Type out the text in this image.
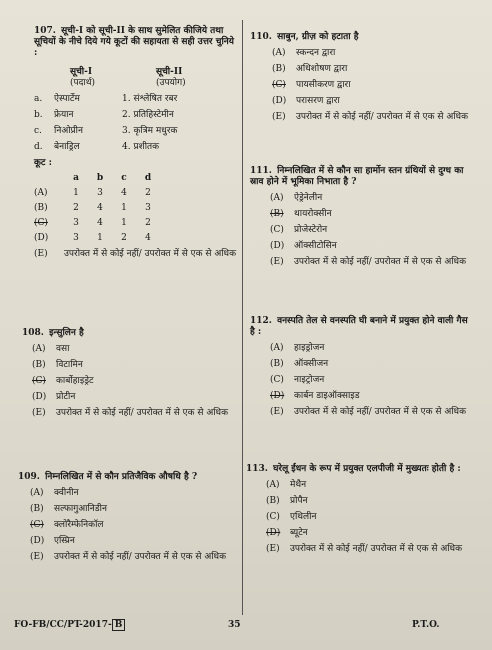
107. सूची-I को सूची-II के साथ सुमेलित कीजिये तथा सूचियों के नीचे दिये गये कूटों की सहायता से सही उत्तर चुनिये :
सूची-I
(पदार्थ)
सूची-II
(उपयोग)
a.	ऐस्पार्टेम	1. संश्लेषित रबर
b.	फ्रेयान	2. प्रतिहिस्टेमीन
c.	निओप्रीन	3. कृत्रिम मधुरक
d.	बेनाड्रिल	4. प्रशीतक
कूट :
a	b	c	d
(A)	1	3	4	2
(B)	2	4	1	3
(C)	3	4	1	2
(D)	3	1	2	4
(E)	उपरोक्त में से कोई नहीं/ उपरोक्त में से एक से अधिक
108. इन्सुलिन है
(A)	वसा
(B)	विटामिन
(C)	कार्बोहाइड्रेट
(D)	प्रोटीन
(E)	उपरोक्त में से कोई नहीं/ उपरोक्त में से एक से अधिक
109. निम्नलिखित में से कौन प्रतिजैविक औषधि है ?
(A)	क्वीनीन
(B)	सल्फागुआनिडीन
(C)	क्लोरैम्फेनिकॉल
(D)	एस्प्रिन
(E)	उपरोक्त में से कोई नहीं/ उपरोक्त में से एक से अधिक
110. साबुन, ग्रीज़ को हटाता है
(A)	स्कन्दन द्वारा
(B)	अधिशोषण द्वारा
(C)	पायसीकरण द्वारा
(D)	परासरण द्वारा
(E)	उपरोक्त में से कोई नहीं/ उपरोक्त में से एक से अधिक
111. निम्नलिखित में से कौन सा हार्मोन स्तन ग्रंथियों से दुग्ध का स्राव होने में भूमिका निभाता है ?
(A)	ऐड्रेनेलीन
(B)	थायरोक्सीन
(C)	प्रोजेस्टेरोन
(D)	ऑक्सीटोसिन
(E)	उपरोक्त में से कोई नहीं/ उपरोक्त में से एक से अधिक
112. वनस्पति तेल से वनस्पति घी बनाने में प्रयुक्त होने वाली गैस है :
(A)	हाइड्रोजन
(B)	ऑक्सीजन
(C)	नाइट्रोजन
(D)	कार्बन डाइऑक्साइड
(E)	उपरोक्त में से कोई नहीं/ उपरोक्त में से एक से अधिक
113. घरेलू ईंधन के रूप में प्रयुक्त एलपीजी में मुख्यतः होती है :
(A)	मेथैन
(B)	प्रोपैन
(C)	एथिलीन
(D)	ब्यूटेन
(E)	उपरोक्त में से कोई नहीं/ उपरोक्त में से एक से अधिक
FO-FB/CC/PT-2017- B	35	P.T.O.
